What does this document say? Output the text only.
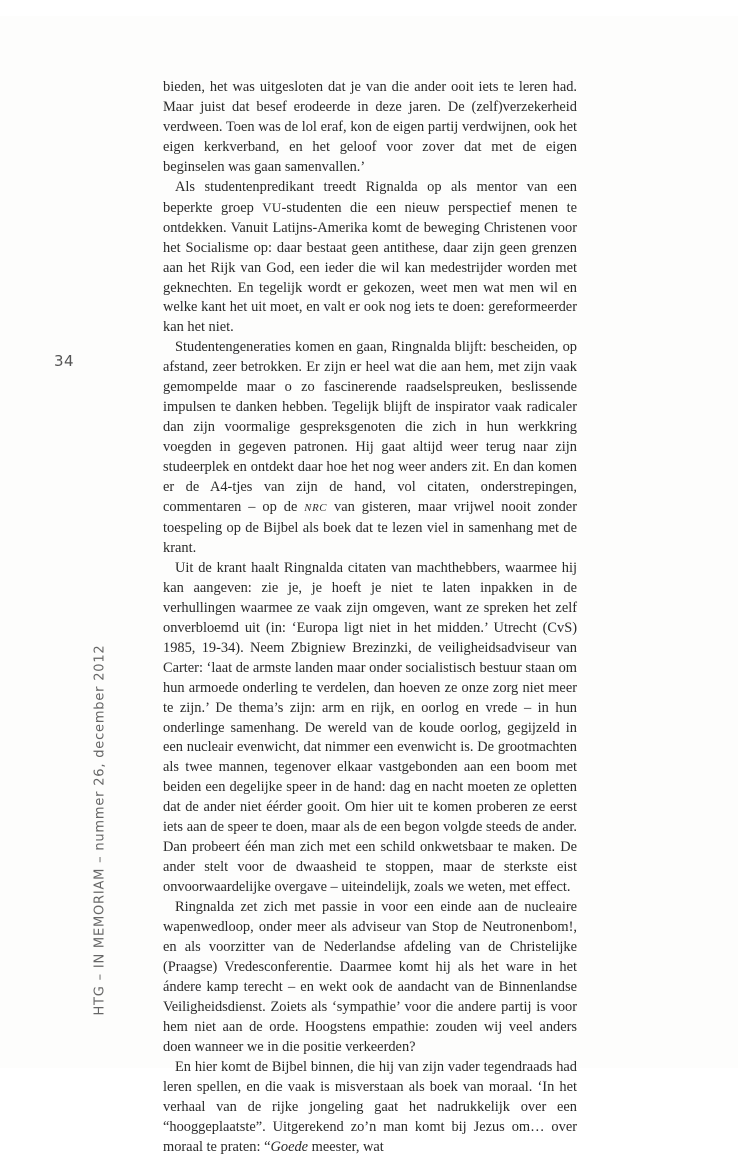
34
HTG – IN MEMORIAM – nummer 26, december 2012

bieden, het was uitgesloten dat je van die ander ooit iets te leren had. Maar juist dat besef erodeerde in deze jaren. De (zelf)verzekerheid verdween. Toen was de lol eraf, kon de eigen partij verdwijnen, ook het eigen kerkverband, en het geloof voor zover dat met de eigen beginselen was gaan samenvallen.’

Als studentenpredikant treedt Rignalda op als mentor van een beperkte groep VU-studenten die een nieuw perspectief menen te ontdekken. Vanuit Latijns-Amerika komt de beweging Christenen voor het Socialisme op: daar bestaat geen antithese, daar zijn geen grenzen aan het Rijk van God, een ieder die wil kan medestrijder worden met geknechten. En tegelijk wordt er gekozen, weet men wat men wil en welke kant het uit moet, en valt er ook nog iets te doen: gereformeerder kan het niet.

Studentengeneraties komen en gaan, Ringnalda blijft: bescheiden, op afstand, zeer betrokken. Er zijn er heel wat die aan hem, met zijn vaak gemompelde maar o zo fascinerende raadselspreuken, beslissende impulsen te danken hebben. Tegelijk blijft de inspirator vaak radicaler dan zijn voormalige gespreksgenoten die zich in hun werkkring voegden in gegeven patronen. Hij gaat altijd weer terug naar zijn studeerplek en ontdekt daar hoe het nog weer anders zit. En dan komen er de A4-tjes van zijn de hand, vol citaten, onderstrepingen, commentaren – op de NRC van gisteren, maar vrijwel nooit zonder toespeling op de Bijbel als boek dat te lezen viel in samenhang met de krant.

Uit de krant haalt Ringnalda citaten van machthebbers, waarmee hij kan aangeven: zie je, je hoeft je niet te laten inpakken in de verhullingen waarmee ze vaak zijn omgeven, want ze spreken het zelf onverbloemd uit (in: ‘Europa ligt niet in het midden.’ Utrecht (CvS) 1985, 19-34). Neem Zbigniew Brezinzki, de veiligheidsadviseur van Carter: ‘laat de armste landen maar onder socialistisch bestuur staan om hun armoede onderling te verdelen, dan hoeven ze onze zorg niet meer te zijn.’ De thema’s zijn: arm en rijk, en oorlog en vrede – in hun onderlinge samenhang. De wereld van de koude oorlog, gegijzeld in een nucleair evenwicht, dat nimmer een evenwicht is. De grootmachten als twee mannen, tegenover elkaar vastgebonden aan een boom met beiden een degelijke speer in de hand: dag en nacht moeten ze opletten dat de ander niet éérder gooit. Om hier uit te komen proberen ze eerst iets aan de speer te doen, maar als de een begon volgde steeds de ander. Dan probeert één man zich met een schild onkwetsbaar te maken. De ander stelt voor de dwaasheid te stoppen, maar de sterkste eist onvoorwaardelijke overgave – uiteindelijk, zoals we weten, met effect.

Ringnalda zet zich met passie in voor een einde aan de nucleaire wapenwedloop, onder meer als adviseur van Stop de Neutronenbom!, en als voorzitter van de Nederlandse afdeling van de Christelijke (Praagse) Vredesconferentie. Daarmee komt hij als het ware in het ándere kamp terecht – en wekt ook de aandacht van de Binnenlandse Veiligheidsdienst. Zoiets als ‘sympathie’ voor die andere partij is voor hem niet aan de orde. Hoogstens empathie: zouden wij veel anders doen wanneer we in die positie verkeerden?

En hier komt de Bijbel binnen, die hij van zijn vader tegendraads had leren spellen, en die vaak is misverstaan als boek van moraal. ‘In het verhaal van de rijke jongeling gaat het nadrukkelijk over een “hooggeplaatste”. Uitgerekend zo’n man komt bij Jezus om… over moraal te praten: “Goede meester, wat
